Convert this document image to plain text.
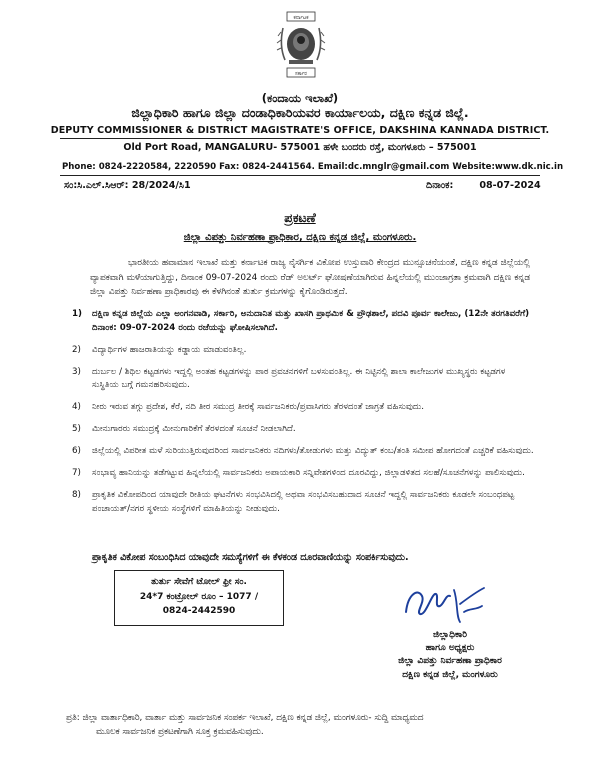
ಕರ್ನಾಟಕ
ಸರ್ಕಾರ
(ಕಂದಾಯ ಇಲಾಖೆ)
ಜಿಲ್ಲಾಧಿಕಾರಿ ಹಾಗೂ ಜಿಲ್ಲಾ ದಂಡಾಧಿಕಾರಿಯವರ ಕಾರ್ಯಾಲಯ, ದಕ್ಷಿಣ ಕನ್ನಡ ಜಿಲ್ಲೆ.
DEPUTY COMMISSIONER & DISTRICT MAGISTRATE'S OFFICE, DAKSHINA KANNADA DISTRICT.
Old Port Road, MANGALURU- 575001 ಹಳೇ ಬಂದರು ರಸ್ತೆ, ಮಂಗಳೂರು – 575001
Phone: 0824-2220584, 2220590 Fax: 0824-2441564. Email:dc.mnglr@gmail.com Website:www.dk.nic.in
ಸಂ:ಸಿ.ಎಲ್.ಸಿಆರ್: 28/2024/ಸಿ1	ದಿನಾಂಕ:	08-07-2024
ಪ್ರಕಟಣೆ
ಜಿಲ್ಲಾ ವಿಪತ್ತು ನಿರ್ವಹಣಾ ಪ್ರಾಧಿಕಾರ, ದಕ್ಷಿಣ ಕನ್ನಡ ಜಿಲ್ಲೆ, ಮಂಗಳೂರು.
ಭಾರತೀಯ ಹವಾಮಾನ ಇಲಾಖೆ ಮತ್ತು ಕರ್ನಾಟಕ ರಾಜ್ಯ ನೈಸರ್ಗಿಕ ವಿಕೋಪ ಉಸ್ತುವಾರಿ ಕೇಂದ್ರದ ಮುನ್ಸೂಚನೆಯಂತೆ, ದಕ್ಷಿಣ ಕನ್ನಡ ಜಿಲ್ಲೆಯಲ್ಲಿ ವ್ಯಾಪಕವಾಗಿ ಮಳೆಯಾಗುತ್ತಿದ್ದು, ದಿನಾಂಕ 09-07-2024 ರಂದು ರೆಡ್ ಅಲರ್ಟ್ ಘೋಷಣೆಯಾಗಿರುವ ಹಿನ್ನಲೆಯಲ್ಲಿ ಮುಂಜಾಗ್ರತಾ ಕ್ರಮವಾಗಿ ದಕ್ಷಿಣ ಕನ್ನಡ ಜಿಲ್ಲಾ ವಿಪತ್ತು ನಿರ್ವಹಣಾ ಪ್ರಾಧಿಕಾರವು ಈ ಕೆಳಗಿನಂತೆ ತುರ್ತು ಕ್ರಮಗಳನ್ನು ಕೈಗೊಂಡಿರುತ್ತದೆ.
1) ದಕ್ಷಿಣ ಕನ್ನಡ ಜಿಲ್ಲೆಯ ಎಲ್ಲಾ ಅಂಗನವಾಡಿ, ಸರ್ಕಾರಿ, ಅನುದಾನಿತ ಮತ್ತು ಖಾಸಗಿ ಪ್ರಾಥಮಿಕ & ಪ್ರೌಢಶಾಲೆ, ಪದವಿ ಪೂರ್ವ ಕಾಲೇಜು, (12ನೇ ತರಗತಿವರೆಗೆ) ದಿನಾಂಕ: 09-07-2024 ರಂದು ರಜೆಯನ್ನು ಘೋಷಿಸಲಾಗಿದೆ.
2) ವಿದ್ಯಾರ್ಥಿಗಳ ಹಾಜರಾತಿಯನ್ನು ಕಡ್ಡಾಯ ಮಾಡುವಂತಿಲ್ಲ.
3) ದುರ್ಬಲ / ಶಿಥಿಲ ಕಟ್ಟಡಗಳು ಇದ್ದಲ್ಲಿ ಅಂತಹ ಕಟ್ಟಡಗಳನ್ನು ಪಾಠ ಪ್ರವಚನಗಳಿಗೆ ಬಳಸುವಂತಿಲ್ಲ. ಈ ನಿಟ್ಟಿನಲ್ಲಿ ಶಾಲಾ ಕಾಲೇಜುಗಳ ಮುಖ್ಯಸ್ಥರು ಕಟ್ಟಡಗಳ ಸುಸ್ಥಿತಿಯ ಬಗ್ಗೆ ಗಮನಹರಿಸುವುದು.
4) ನೀರು ಇರುವ ತಗ್ಗು ಪ್ರದೇಶ, ಕೆರೆ, ನದಿ ತೀರ ಸಮುದ್ರ ತೀರಕ್ಕೆ ಸಾರ್ವಜನಿಕರು/ಪ್ರವಾಸಿಗರು ತೆರಳದಂತೆ ಜಾಗ್ರತೆ ವಹಿಸುವುದು.
5) ಮೀನುಗಾರರು ಸಮುದ್ರಕ್ಕೆ ಮೀನುಗಾರಿಕೆಗೆ ತೆರಳದಂತೆ ಸೂಚನೆ ನೀಡಲಾಗಿದೆ.
6) ಜಿಲ್ಲೆಯಲ್ಲಿ ವಿಪರೀತ ಮಳೆ ಸುರಿಯುತ್ತಿರುವುದರಿಂದ ಸಾರ್ವಜನಿಕರು ನದಿಗಳು/ತೋಡುಗಳು ಮತ್ತು ವಿದ್ಯುತ್ ಕಂಬ/ತಂತಿ ಸಮೀಪ ಹೋಗದಂತೆ ಎಚ್ಚರಿಕೆ ವಹಿಸುವುದು.
7) ಸಂಭಾವ್ಯ ಹಾನಿಯನ್ನು ತಡೆಗಟ್ಟುವ ಹಿನ್ನಲೆಯಲ್ಲಿ ಸಾರ್ವಜನಿಕರು ಅಪಾಯಕಾರಿ ಸನ್ನಿವೇಶಗಳಿಂದ ದೂರವಿದ್ದು, ಜಿಲ್ಲಾಡಳಿತದ ಸಲಹೆ/ಸೂಚನೆಗಳನ್ನು ಪಾಲಿಸುವುದು.
8) ಪ್ರಾಕೃತಿಕ ವಿಕೋಪದಿಂದ ಯಾವುದೇ ರೀತಿಯ ಘಟನೆಗಳು ಸಂಭವಿಸಿದಲ್ಲಿ ಅಥವಾ ಸಂಭವಿಸಬಹುದಾದ ಸೂಚನೆ ಇದ್ದಲ್ಲಿ ಸಾರ್ವಜನಿಕರು ಕೂಡಲೇ ಸಂಬಂಧಪಟ್ಟ ಪಂಚಾಯತ್/ನಗರ ಸ್ಥಳೀಯ ಸಂಸ್ಥೆಗಳಿಗೆ ಮಾಹಿತಿಯನ್ನು ನೀಡುವುದು.
ಪ್ರಾಕೃತಿಕ ವಿಕೋಪ ಸಂಬಂಧಿಸಿದ ಯಾವುದೇ ಸಮಸ್ಯೆಗಳಿಗೆ ಈ ಕೆಳಕಂಡ ದೂರವಾಣಿಯನ್ನು ಸಂಪರ್ಕಿಸುವುದು.
ತುರ್ತು ಸೇವೆಗೆ ಟೋಲ್ ಫ್ರೀ ಸಂ.
24*7 ಕಂಟ್ರೋಲ್ ರೂಂ – 1077 /
0824-2442590
ಜಿಲ್ಲಾಧಿಕಾರಿ
ಹಾಗೂ ಅಧ್ಯಕ್ಷರು
ಜಿಲ್ಲಾ ವಿಪತ್ತು ನಿರ್ವಹಣಾ ಪ್ರಾಧಿಕಾರ
ದಕ್ಷಿಣ ಕನ್ನಡ ಜಿಲ್ಲೆ, ಮಂಗಳೂರು
ಪ್ರತಿ: ಜಿಲ್ಲಾ ವಾರ್ತಾಧಿಕಾರಿ, ವಾರ್ತಾ ಮತ್ತು ಸಾರ್ವಜನಿಕ ಸಂಪರ್ಕ ಇಲಾಖೆ, ದಕ್ಷಿಣ ಕನ್ನಡ ಜಿಲ್ಲೆ, ಮಂಗಳೂರು- ಸುದ್ದಿ ಮಾಧ್ಯಮದ
ಮೂಲಕ ಸಾರ್ವಜನಿಕ ಪ್ರಕಟಣೆಗಾಗಿ ಸೂಕ್ತ ಕ್ರಮವಹಿಸುವುದು.
